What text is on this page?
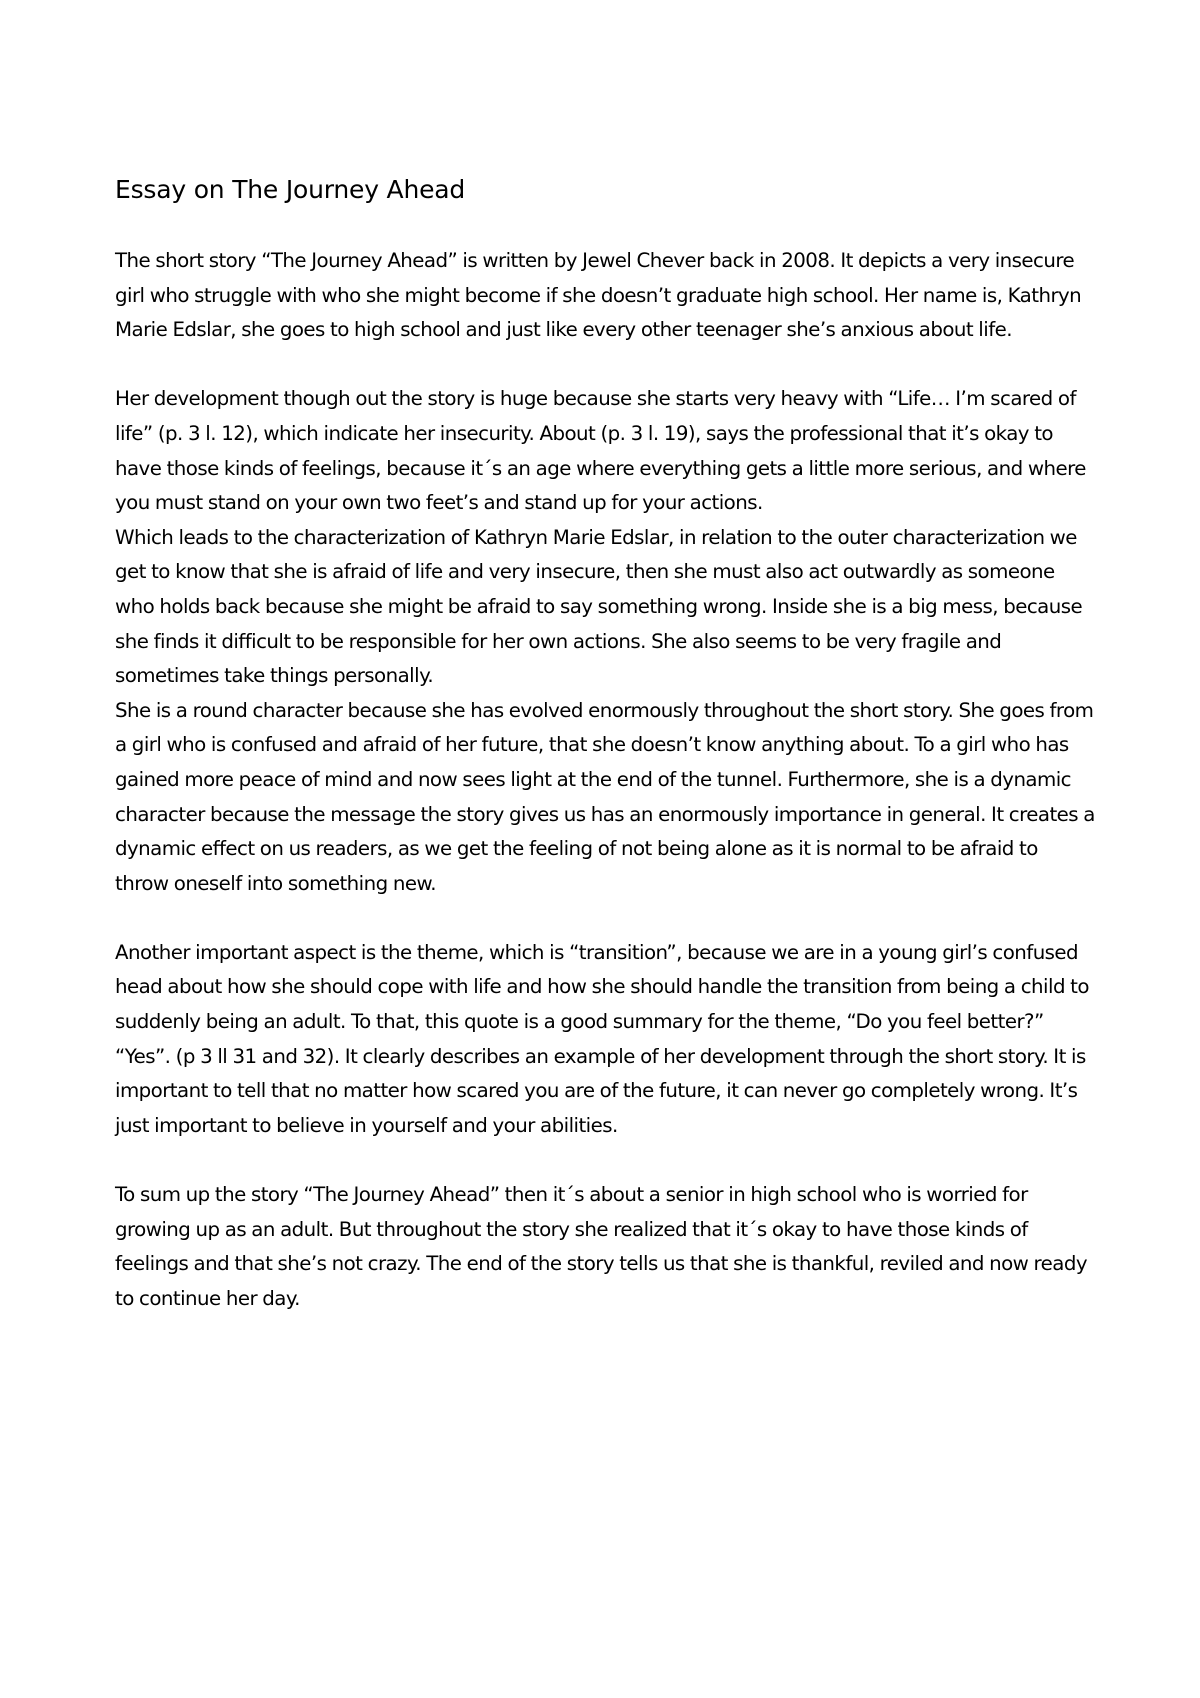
Essay on The Journey Ahead

The short story “The Journey Ahead” is written by Jewel Chever back in 2008. It depicts a very insecure girl who struggle with who she might become if she doesn’t graduate high school. Her name is, Kathryn Marie Edslar, she goes to high school and just like every other teenager she’s anxious about life.

Her development though out the story is huge because she starts very heavy with “Life… I’m scared of life” (p. 3 l. 12), which indicate her insecurity. About (p. 3 l. 19), says the professional that it’s okay to have those kinds of feelings, because it´s an age where everything gets a little more serious, and where you must stand on your own two feet’s and stand up for your actions.

Which leads to the characterization of Kathryn Marie Edslar, in relation to the outer characterization we get to know that she is afraid of life and very insecure, then she must also act outwardly as someone who holds back because she might be afraid to say something wrong. Inside she is a big mess, because she finds it difficult to be responsible for her own actions. She also seems to be very fragile and sometimes take things personally.

She is a round character because she has evolved enormously throughout the short story. She goes from a girl who is confused and afraid of her future, that she doesn’t know anything about. To a girl who has gained more peace of mind and now sees light at the end of the tunnel. Furthermore, she is a dynamic character because the message the story gives us has an enormously importance in general. It creates a dynamic effect on us readers, as we get the feeling of not being alone as it is normal to be afraid to throw oneself into something new.

Another important aspect is the theme, which is “transition”, because we are in a young girl’s confused head about how she should cope with life and how she should handle the transition from being a child to suddenly being an adult. To that, this quote is a good summary for the theme, “Do you feel better?” “Yes”. (p 3 ll 31 and 32). It clearly describes an example of her development through the short story. It is important to tell that no matter how scared you are of the future, it can never go completely wrong. It’s just important to believe in yourself and your abilities.

To sum up the story “The Journey Ahead” then it´s about a senior in high school who is worried for growing up as an adult. But throughout the story she realized that it´s okay to have those kinds of feelings and that she’s not crazy. The end of the story tells us that she is thankful, reviled and now ready to continue her day.
